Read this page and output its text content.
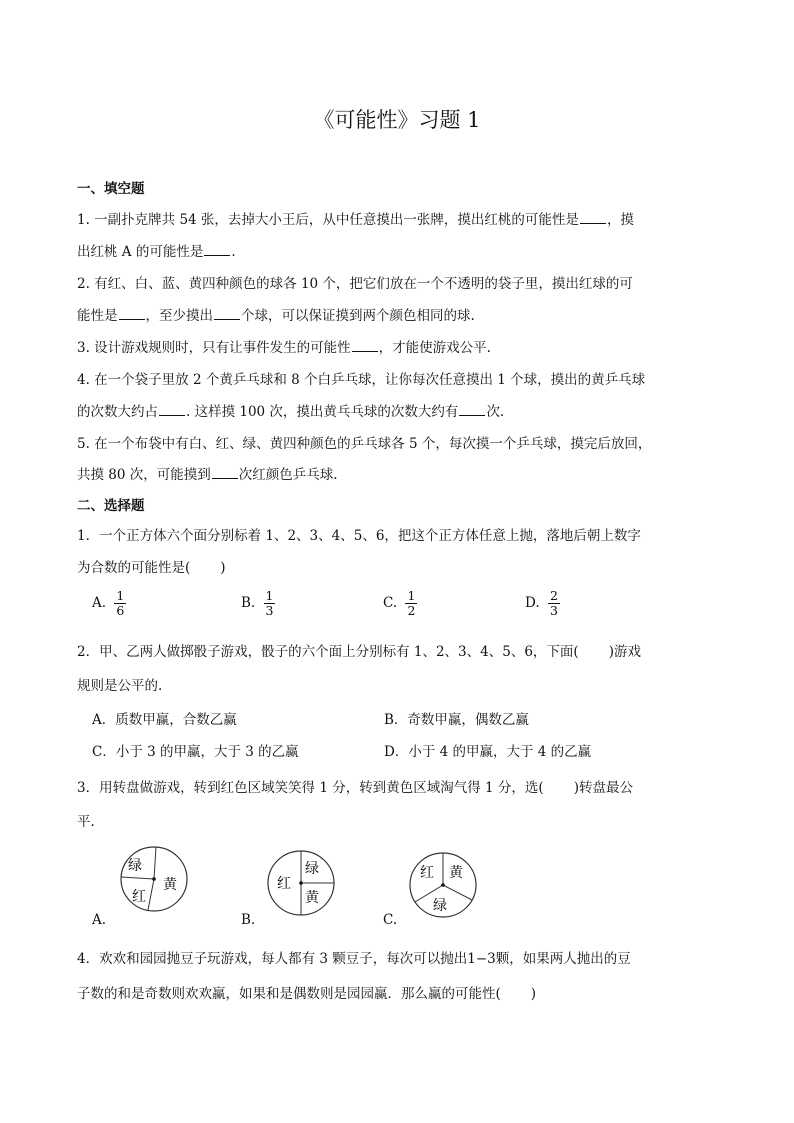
《可能性》习题 1
一、填空题
1. 一副扑克牌共 54 张，去掉大小王后，从中任意摸出一张牌，摸出红桃的可能性是 ，摸
出红桃 A 的可能性是 .
2. 有红、白、蓝、黄四种颜色的球各 10 个，把它们放在一个不透明的袋子里，摸出红球的可
能性是 ，至少摸出 个球，可以保证摸到两个颜色相同的球.
3. 设计游戏规则时，只有让事件发生的可能性 ，才能使游戏公平.
4. 在一个袋子里放 2 个黄乒乓球和 8 个白乒乓球，让你每次任意摸出 1 个球，摸出的黄乒乓球
的次数大约占 . 这样摸 100 次，摸出黄乓乓球的次数大约有 次.
5. 在一个布袋中有白、红、绿、黄四种颜色的乒乓球各 5 个，每次摸一个乒乓球，摸完后放回，
共摸 80 次，可能摸到 次红颜色乒乓球.
二、选择题
1．一个正方体六个面分别标着 1、2、3、4、5、6，把这个正方体任意上抛，落地后朝上数字
为合数的可能性是( )
A. $\frac{1}{6}$	B. $\frac{1}{3}$	C. $\frac{1}{2}$	D. $\frac{2}{3}$
2．甲、乙两人做掷骰子游戏，骰子的六个面上分别标有 1、2、3、4、5、6，下面( )游戏
规则是公平的.
A．质数甲赢，合数乙赢	B．奇数甲赢，偶数乙赢
C．小于 3 的甲赢，大于 3 的乙赢	D．小于 4 的甲赢，大于 4 的乙赢
3．用转盘做游戏，转到红色区域笑笑得 1 分，转到黄色区域淘气得 1 分，选( )转盘最公
平.
A.
绿
红
黄
B.
绿
红
黄
C.
红 黄
绿
4．欢欢和园园抛豆子玩游戏，每人都有 3 颗豆子，每次可以抛出1−3颗，如果两人抛出的豆
子数的和是奇数则欢欢赢，如果和是偶数则是园园赢．那么赢的可能性( )
